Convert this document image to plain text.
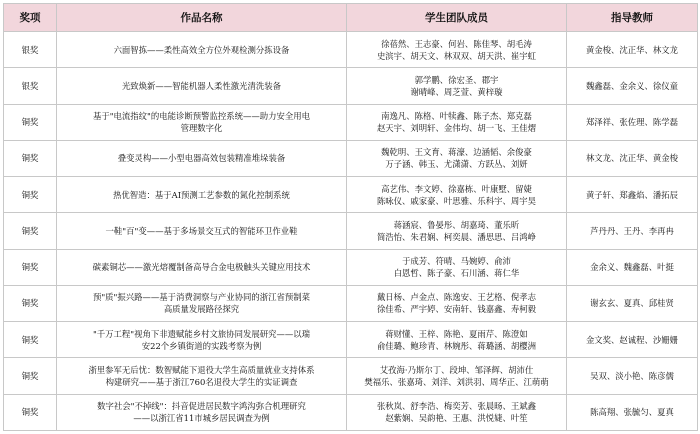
奖项	作品名称	学生团队成员	指导教师
银奖	六面智拣——柔性高效全方位外观检测分拣设备	徐蓓然、王志豪、何岩、陈佳琴、胡毛涛
史滨宇、胡天文、林双双、胡天洪、崔宇虹	黄金梭、沈正华、林文龙

银奖	光致焕新——智能机器人柔性激光清洗装备	郭学鹏、徐宏圣、郡宇
谢晴峰、周芝萱、黄梓璇	魏鑫磊、金余义、徐仪童

铜奖	基于"电流指纹"的电能诊断预警监控系统——助力安全用电
管理数字化	南逸凡、陈格、叶犊鑫、陈子杰、郑克磊
赵天宇、刘明轩、金伟均、胡一飞、王佳熠	郑泽祥、张佐理、陈学磊

铜奖	叠变灵构——小型电器高效包装精准堆垛装备	魏乾明、王文育、蒋濠、边涵韬、余俊豪
万子涵、韩玉、尤潇潇、方跃丛、刘妍	林文龙、沈正华、黄金梭

铜奖	热优智造：基于AI预测工艺参数的氮化控制系统	高艺伟、李文婷、徐嘉栋、叶康墅、留婕
陈咏仪、戚家豪、叶思雅、乐科宇、周宇昊	黄子轩、郑鑫焰、潘拓辰

铜奖	一鞋"百"变——基于多场景交互式的智能环卫作业鞋	蒋涵宸、鲁晏彤、胡嘉琦、董乐昕
简浩怡、朱君娴、柯奕晨、潘思思、吕鸿峥	芦丹丹、王丹、李再冉

铜奖	碳素铜芯——激光熔覆制备高导合金电极触头关键应用技术	于成芳、符晴、马婉婷、俞沛
白恩哲、陈子豪、石川涵、蒋仁华	金余义、魏鑫磊、叶挺

铜奖	预"质"振兴路——基于消费洞察与产业协同的浙江省预制菜
高质量发展路径探究	戴日杨、卢金点、陈逸安、王艺格、倪孝志
徐佳希、严宇婷、安南轩、钱嘉鑫、寿柯毅	谢玄玄、夏真、邱桂贤

铜奖	"千万工程"视角下非遗赋能乡村文旅协同发展研究——以瑞
安22个乡镇街道的实践考察为例	蒋财懂、王梓、陈艳、夏雨芹、陈澄如
俞佳璐、鲍珍青、林婉彤、蒋璐涵、胡樱洲	金文奖、赵诚程、沙姗姗

铜奖	浙里参军无后忧：数智赋能下退役大学生高质量就业支持体系
构建研究——基于浙江760名退役大学生的实证调查	艾孜海·乃斯尔丁、段坤、邹泽辉、胡沛仕
樊福乐、张嘉琦、刘洋、刘洪羽、周华正、江萌萌	吴双、淡小艳、陈彦儒

铜奖	数字社会"不掉线"：抖音促进居民数字鸿沟弥合机理研究
——以浙江省11市城乡居民调查为例	张秋岚、舒李浩、梅奕芳、张晨旸、王斌鑫
赵紫娴、吴韵艳、王惠、洪悦婕、叶笙	陈高翔、张毓匀、夏真
